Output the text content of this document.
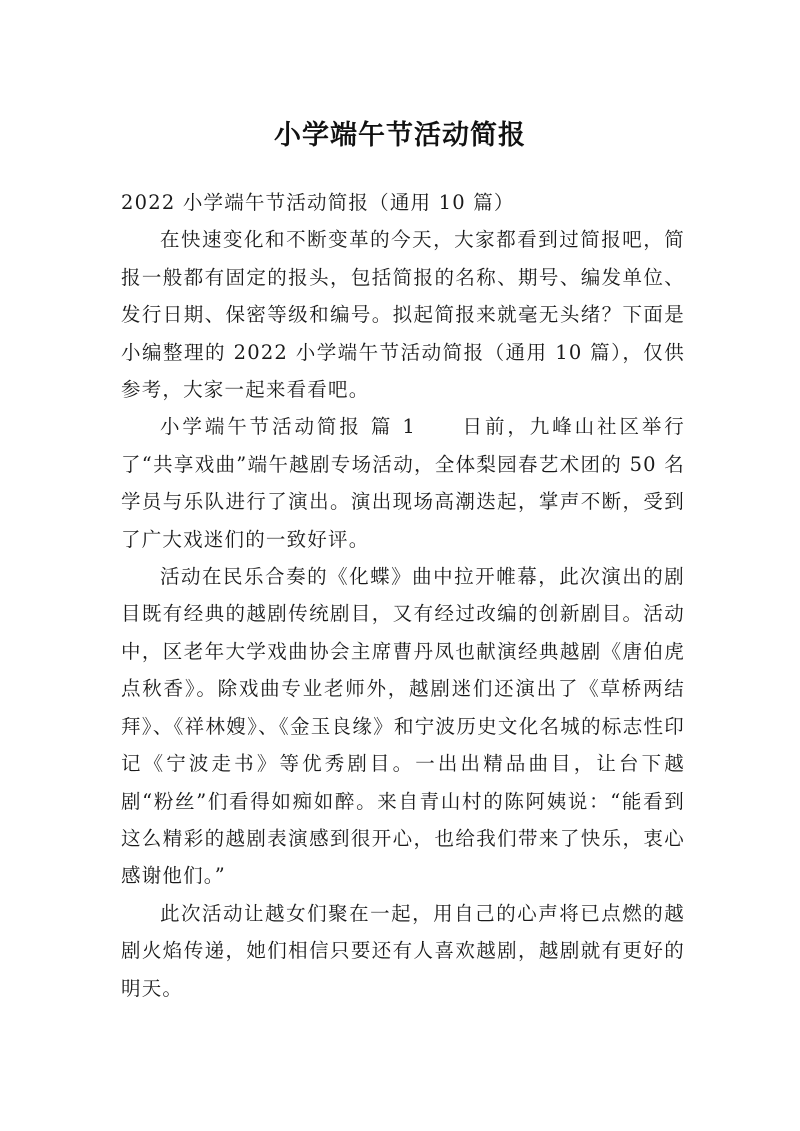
小学端午节活动简报

2022 小学端午节活动简报（通用 10 篇）

在快速变化和不断变革的今天，大家都看到过简报吧，简报一般都有固定的报头，包括简报的名称、期号、编发单位、发行日期、保密等级和编号。拟起简报来就毫无头绪？下面是小编整理的 2022 小学端午节活动简报（通用 10 篇），仅供参考，大家一起来看看吧。

小学端午节活动简报 篇 1　　日前，九峰山社区举行了“共享戏曲”端午越剧专场活动，全体梨园春艺术团的 50 名学员与乐队进行了演出。演出现场高潮迭起，掌声不断，受到了广大戏迷们的一致好评。

活动在民乐合奏的《化蝶》曲中拉开帷幕，此次演出的剧目既有经典的越剧传统剧目，又有经过改编的创新剧目。活动中，区老年大学戏曲协会主席曹丹凤也献演经典越剧《唐伯虎点秋香》。除戏曲专业老师外，越剧迷们还演出了《草桥两结拜》、《祥林嫂》、《金玉良缘》和宁波历史文化名城的标志性印记《宁波走书》等优秀剧目。一出出精品曲目，让台下越剧“粉丝”们看得如痴如醉。来自青山村的陈阿姨说：“能看到这么精彩的越剧表演感到很开心，也给我们带来了快乐，衷心感谢他们。”

此次活动让越女们聚在一起，用自己的心声将已点燃的越剧火焰传递，她们相信只要还有人喜欢越剧，越剧就有更好的明天。
